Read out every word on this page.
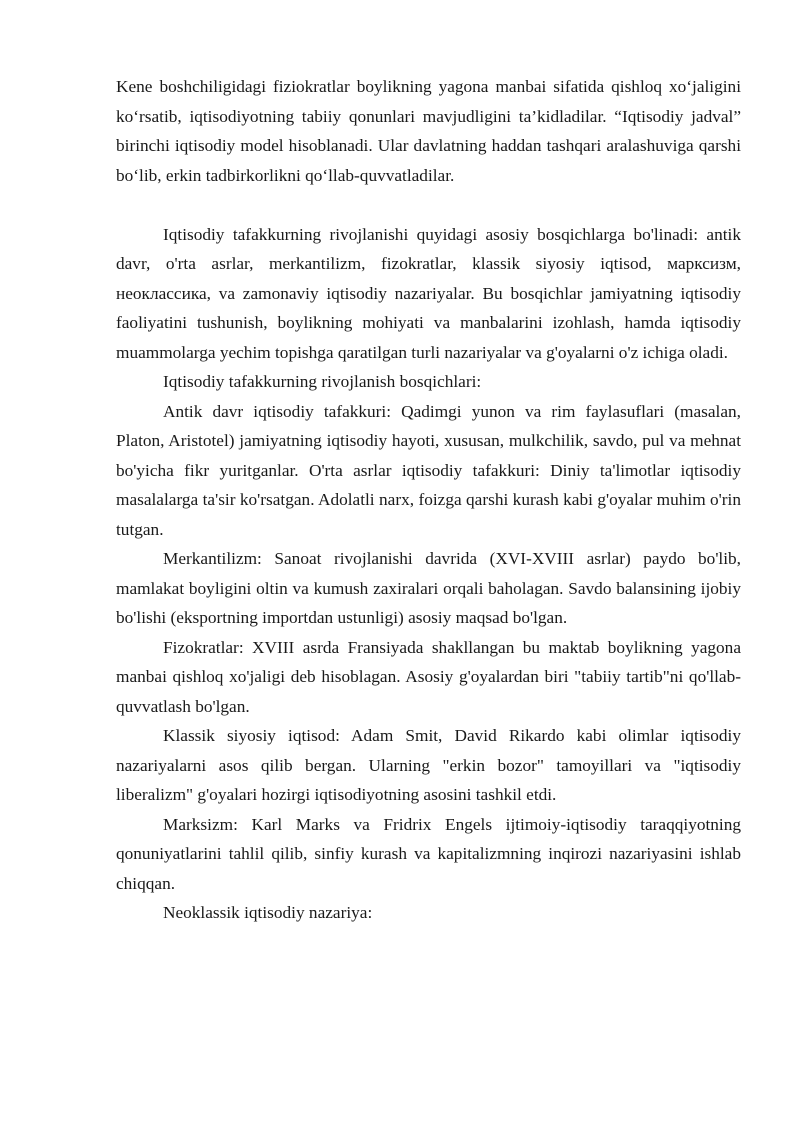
Kene boshchiligidagi fiziokratlar boylikning yagona manbai sifatida qishloq xo‘jaligini ko‘rsatib, iqtisodiyotning tabiiy qonunlari mavjudligini ta’kidladilar. “Iqtisodiy jadval” birinchi iqtisodiy model hisoblanadi. Ular davlatning haddan tashqari aralashuviga qarshi bo‘lib, erkin tadbirkorlikni qo‘llab-quvvatladilar.

Iqtisodiy tafakkurning rivojlanishi quyidagi asosiy bosqichlarga bo'linadi: antik davr, o'rta asrlar, merkantilizm, fizokratlar, klassik siyosiy iqtisod, марксизм, неоклассика, va zamonaviy iqtisodiy nazariyalar. Bu bosqichlar jamiyatning iqtisodiy faoliyatini tushunish, boylikning mohiyati va manbalarini izohlash, hamda iqtisodiy muammolarga yechim topishga qaratilgan turli nazariyalar va g'oyalarni o'z ichiga oladi.

Iqtisodiy tafakkurning rivojlanish bosqichlari:

Antik davr iqtisodiy tafakkuri: Qadimgi yunon va rim faylasuflari (masalan, Platon, Aristotel) jamiyatning iqtisodiy hayoti, xususan, mulkchilik, savdo, pul va mehnat bo'yicha fikr yuritganlar. O'rta asrlar iqtisodiy tafakkuri: Diniy ta'limotlar iqtisodiy masalalarga ta'sir ko'rsatgan. Adolatli narx, foizga qarshi kurash kabi g'oyalar muhim o'rin tutgan.

Merkantilizm: Sanoat rivojlanishi davrida (XVI-XVIII asrlar) paydo bo'lib, mamlakat boyligini oltin va kumush zaxiralari orqali baholagan. Savdo balansining ijobiy bo'lishi (eksportning importdan ustunligi) asosiy maqsad bo'lgan.

Fizokratlar: XVIII asrda Fransiyada shakllangan bu maktab boylikning yagona manbai qishloq xo'jaligi deb hisoblagan. Asosiy g'oyalardan biri "tabiiy tartib"ni qo'llab-quvvatlash bo'lgan.

Klassik siyosiy iqtisod: Adam Smit, David Rikardo kabi olimlar iqtisodiy nazariyalarni asos qilib bergan. Ularning "erkin bozor" tamoyillari va "iqtisodiy liberalizm" g'oyalari hozirgi iqtisodiyotning asosini tashkil etdi.

Marksizm: Karl Marks va Fridrix Engels ijtimoiy-iqtisodiy taraqqiyotning qonuniyatlarini tahlil qilib, sinfiy kurash va kapitalizmning inqirozi nazariyasini ishlab chiqqan.

Neoklassik iqtisodiy nazariya:
